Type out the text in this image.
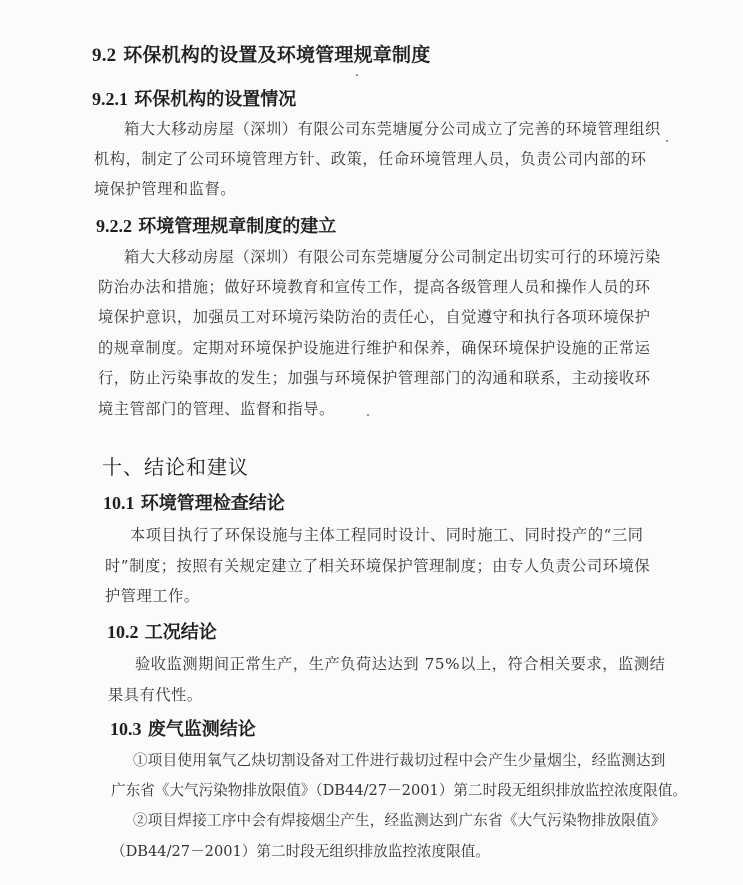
9.2 环保机构的设置及环境管理规章制度
9.2.1 环保机构的设置情况
箱大大移动房屋（深圳）有限公司东莞塘厦分公司成立了完善的环境管理组织
机构，制定了公司环境管理方针、政策，任命环境管理人员，负责公司内部的环
境保护管理和监督。
9.2.2 环境管理规章制度的建立
箱大大移动房屋（深圳）有限公司东莞塘厦分公司制定出切实可行的环境污染
防治办法和措施；做好环境教育和宣传工作，提高各级管理人员和操作人员的环
境保护意识，加强员工对环境污染防治的责任心，自觉遵守和执行各项环境保护
的规章制度。定期对环境保护设施进行维护和保养，确保环境保护设施的正常运
行，防止污染事故的发生；加强与环境保护管理部门的沟通和联系，主动接收环
境主管部门的管理、监督和指导。
十、结论和建议
10.1 环境管理检查结论
本项目执行了环保设施与主体工程同时设计、同时施工、同时投产的“三同
时”制度；按照有关规定建立了相关环境保护管理制度；由专人负责公司环境保
护管理工作。
10.2 工况结论
验收监测期间正常生产，生产负荷达达到 75%以上，符合相关要求，监测结
果具有代性。
10.3 废气监测结论
①项目使用氧气乙炔切割设备对工件进行裁切过程中会产生少量烟尘，经监测达到
广东省《大气污染物排放限值》（DB44/27－2001）第二时段无组织排放监控浓度限值。
②项目焊接工序中会有焊接烟尘产生，经监测达到广东省《大气污染物排放限值》
（DB44/27－2001）第二时段无组织排放监控浓度限值。
